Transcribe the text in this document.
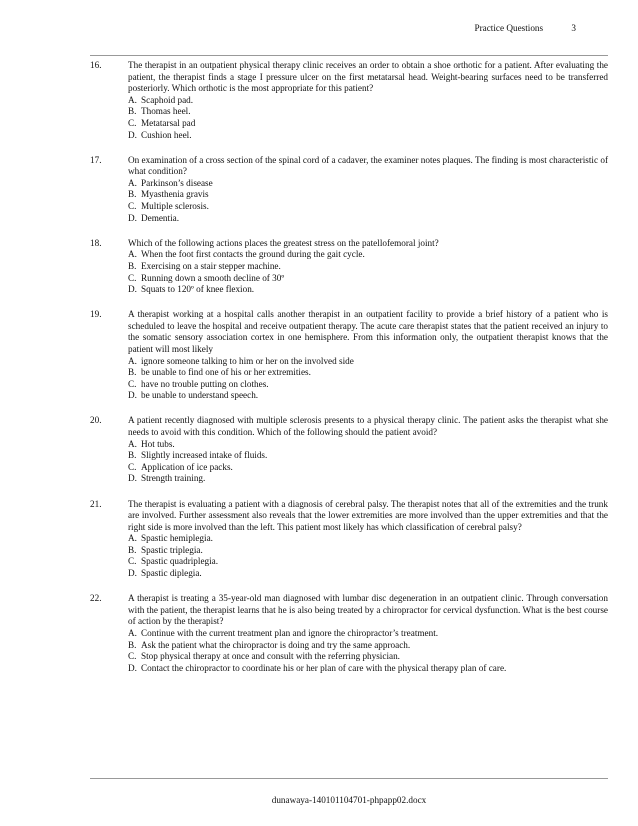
Practice Questions	3
16.	The therapist in an outpatient physical therapy clinic receives an order to obtain a shoe orthotic for a patient. After evaluating the patient, the therapist finds a stage I pressure ulcer on the first metatarsal head. Weight-bearing surfaces need to be transferred posteriorly. Which orthotic is the most appropriate for this patient?
A. Scaphoid pad.
B. Thomas heel.
C. Metatarsal pad
D. Cushion heel.
17.	On examination of a cross section of the spinal cord of a cadaver, the examiner notes plaques. The finding is most characteristic of what condition?
A. Parkinson’s disease
B. Myasthenia gravis
C. Multiple sclerosis.
D. Dementia.
18.	Which of the following actions places the greatest stress on the patellofemoral joint?
A. When the foot first contacts the ground during the gait cycle.
B. Exercising on a stair stepper machine.
C. Running down a smooth decline of 30º
D. Squats to 120º of knee flexion.
19.	A therapist working at a hospital calls another therapist in an outpatient facility to provide a brief history of a patient who is scheduled to leave the hospital and receive outpatient therapy. The acute care therapist states that the patient received an injury to the somatic sensory association cortex in one hemisphere. From this information only, the outpatient therapist knows that the patient will most likely
A. ignore someone talking to him or her on the involved side
B. be unable to find one of his or her extremities.
C. have no trouble putting on clothes.
D. be unable to understand speech.
20.	A patient recently diagnosed with multiple sclerosis presents to a physical therapy clinic. The patient asks the therapist what she needs to avoid with this condition. Which of the following should the patient avoid?
A. Hot tubs.
B. Slightly increased intake of fluids.
C. Application of ice packs.
D. Strength training.
21.	The therapist is evaluating a patient with a diagnosis of cerebral palsy. The therapist notes that all of the extremities and the trunk are involved. Further assessment also reveals that the lower extremities are more involved than the upper extremities and that the right side is more involved than the left. This patient most likely has which classification of cerebral palsy?
A. Spastic hemiplegia.
B. Spastic triplegia.
C. Spastic quadriplegia.
D. Spastic diplegia.
22.	A therapist is treating a 35-year-old man diagnosed with lumbar disc degeneration in an outpatient clinic. Through conversation with the patient, the therapist learns that he is also being treated by a chiropractor for cervical dysfunction. What is the best course of action by the therapist?
A. Continue with the current treatment plan and ignore the chiropractor’s treatment.
B. Ask the patient what the chiropractor is doing and try the same approach.
C. Stop physical therapy at once and consult with the referring physician.
D. Contact the chiropractor to coordinate his or her plan of care with the physical therapy plan of care.
dunawaya-140101104701-phpapp02.docx
